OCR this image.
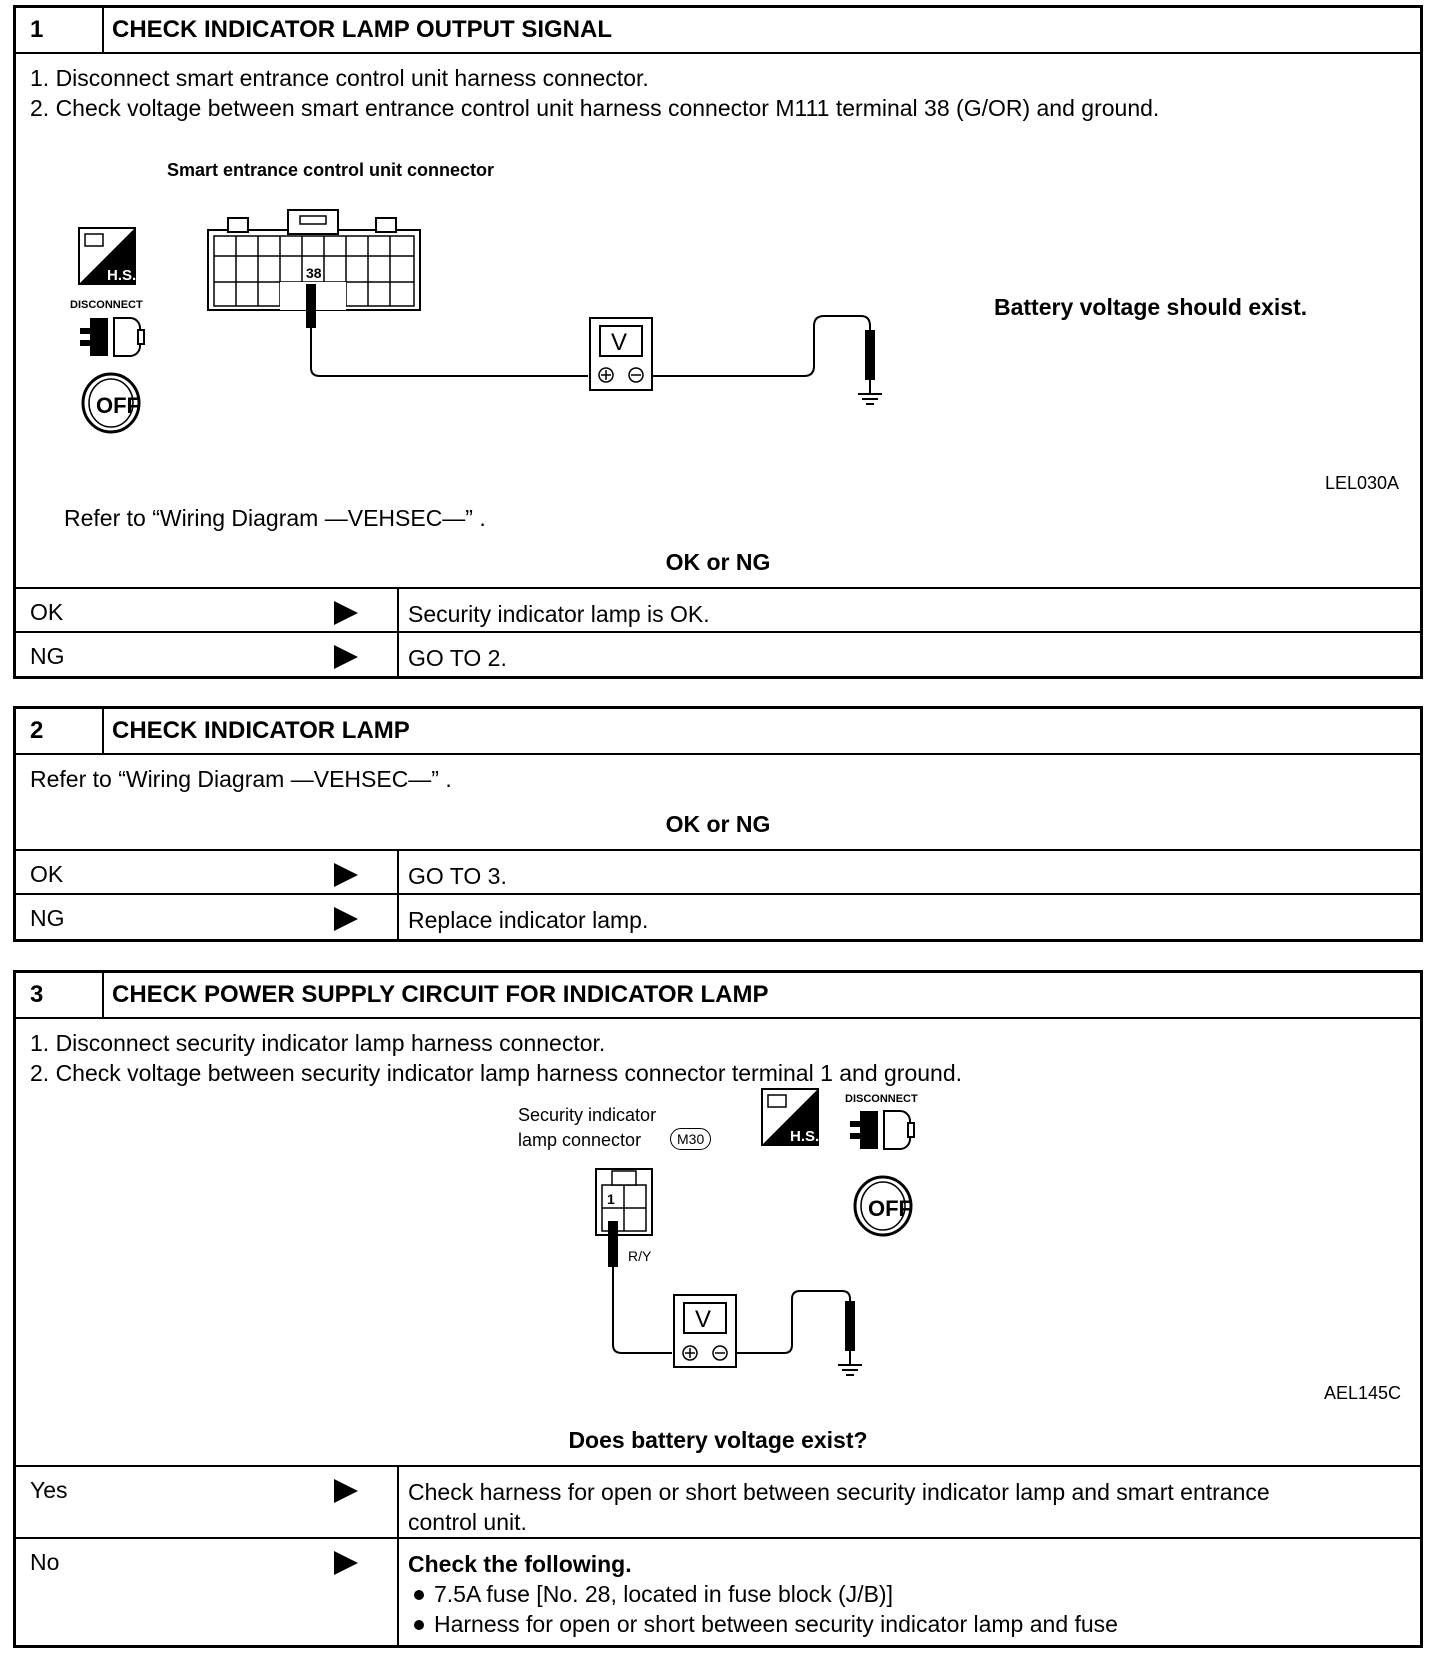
1	CHECK INDICATOR LAMP OUTPUT SIGNAL
1. Disconnect smart entrance control unit harness connector.
2. Check voltage between smart entrance control unit harness connector M111 terminal 38 (G/OR) and ground.
Smart entrance control unit connector
H.S.
DISCONNECT
OFF
38
V
Battery voltage should exist.
LEL030A
Refer to “Wiring Diagram —VEHSEC—” .
OK or NG
OK	Security indicator lamp is OK.
NG	GO TO 2.
2	CHECK INDICATOR LAMP
Refer to “Wiring Diagram —VEHSEC—” .
OK or NG
OK	GO TO 3.
NG	Replace indicator lamp.
3	CHECK POWER SUPPLY CIRCUIT FOR INDICATOR LAMP
1. Disconnect security indicator lamp harness connector.
2. Check voltage between security indicator lamp harness connector terminal 1 and ground.
Security indicator
lamp connector	M30	H.S.
DISCONNECT
OFF
1
R/Y
V
AEL145C
Does battery voltage exist?
Yes	Check harness for open or short between security indicator lamp and smart entrance
control unit.
No	Check the following.
7.5A fuse [No. 28, located in fuse block (J/B)]
Harness for open or short between security indicator lamp and fuse
